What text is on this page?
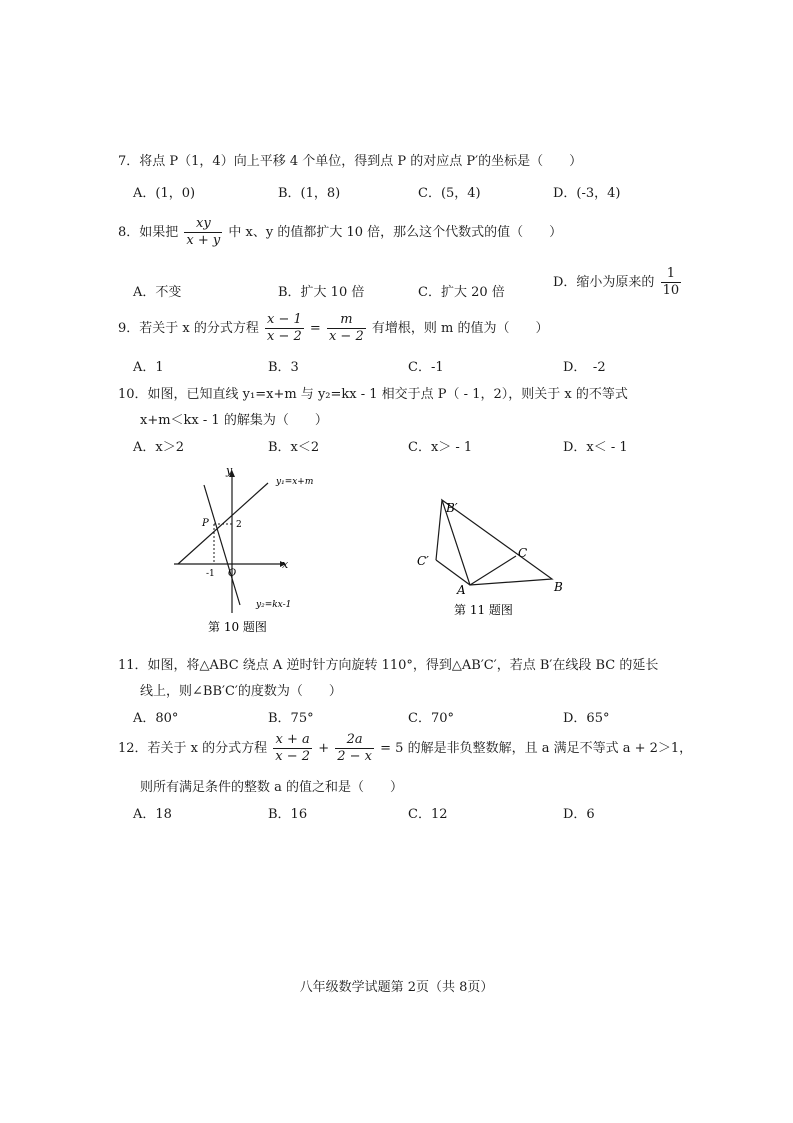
7．将点 P（1，4）向上平移 4 个单位，得到点 P 的对应点 P′的坐标是（　　）
A．(1，0)	B．(1，8)	C．(5，4)	D．(-3，4)
8．如果把 $\frac{xy}{x + y}$ 中 x、y 的值都扩大 10 倍，那么这个代数式的值（　　）
A．不变	B．扩大 10 倍	C．扩大 20 倍
D．缩小为原来的 $\frac{1}{10}$
9．若关于 x 的分式方程 $\frac{x - 1}{x - 2} = \frac{m}{x - 2}$ 有增根，则 m 的值为（　　）
A．1	B．3	C．-1	D．　-2
10．如图，已知直线 y₁=x+m 与 y₂=kx - 1 相交于点 P（ - 1，2），则关于 x 的不等式
x+m＜kx - 1 的解集为（　　）
A．x＞2	B．x＜2	C．x＞ - 1	D．x＜ - 1
y
x
y₁=x+m
y₂=kx-1
P
O
-1
2
第 10 题图
B′
C′
C
A	B
第 11 题图
11．如图，将△ABC 绕点 A 逆时针方向旋转 110°，得到△AB′C′，若点 B′在线段 BC 的延长
线上，则∠BB′C′的度数为（　　）
A．80°	B．75°	C．70°	D．65°
12．若关于 x 的分式方程 $\frac{x + a}{x - 2} + \frac{2a}{2 - x} = 5$ 的解是非负整数解，且 a 满足不等式 a + 2＞1，
则所有满足条件的整数 a 的值之和是（　　）
A．18	B．16	C．12	D．6
八年级数学试题第 2页（共 8页）
